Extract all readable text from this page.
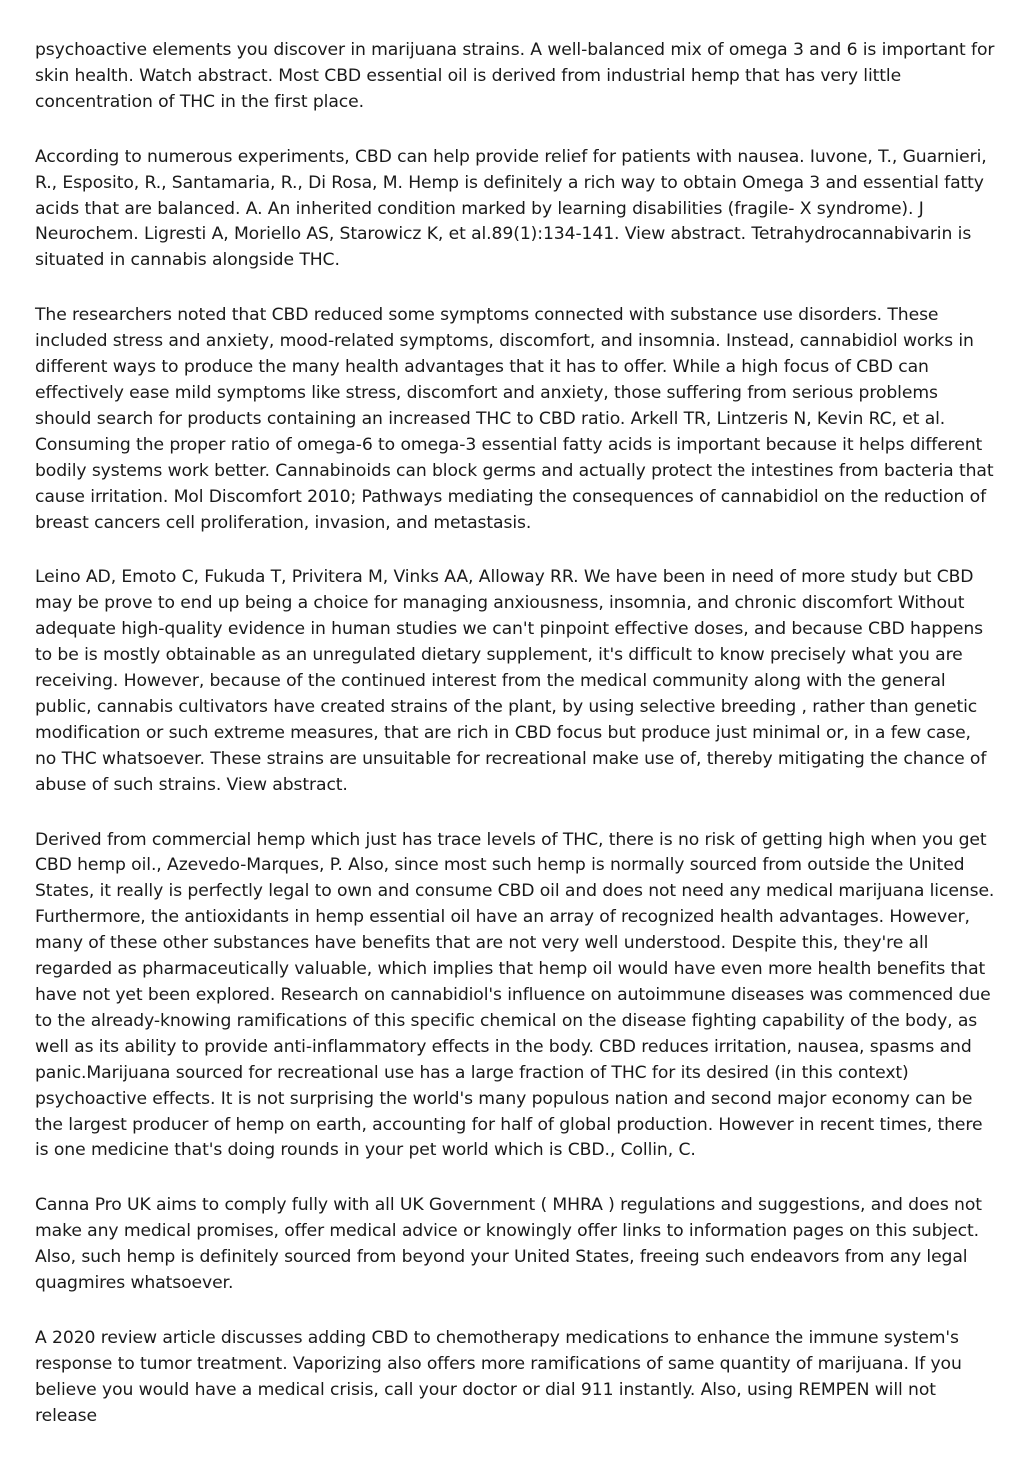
psychoactive elements you discover in marijuana strains. A well-balanced mix of omega 3 and 6 is important for skin health. Watch abstract. Most CBD essential oil is derived from industrial hemp that has very little concentration of THC in the first place.

According to numerous experiments, CBD can help provide relief for patients with nausea. Iuvone, T., Guarnieri, R., Esposito, R., Santamaria, R., Di Rosa, M. Hemp is definitely a rich way to obtain Omega 3 and essential fatty acids that are balanced. A. An inherited condition marked by learning disabilities (fragile- X syndrome). J Neurochem. Ligresti A, Moriello AS, Starowicz K, et al.89(1):134-141. View abstract. Tetrahydrocannabivarin is situated in cannabis alongside THC.

The researchers noted that CBD reduced some symptoms connected with substance use disorders. These included stress and anxiety, mood-related symptoms, discomfort, and insomnia. Instead, cannabidiol works in different ways to produce the many health advantages that it has to offer. While a high focus of CBD can effectively ease mild symptoms like stress, discomfort and anxiety, those suffering from serious problems should search for products containing an increased THC to CBD ratio. Arkell TR, Lintzeris N, Kevin RC, et al. Consuming the proper ratio of omega-6 to omega-3 essential fatty acids is important because it helps different bodily systems work better. Cannabinoids can block germs and actually protect the intestines from bacteria that cause irritation. Mol Discomfort 2010; Pathways mediating the consequences of cannabidiol on the reduction of breast cancers cell proliferation, invasion, and metastasis.

Leino AD, Emoto C, Fukuda T, Privitera M, Vinks AA, Alloway RR. We have been in need of more study but CBD may be prove to end up being a choice for managing anxiousness, insomnia, and chronic discomfort Without adequate high-quality evidence in human studies we can't pinpoint effective doses, and because CBD happens to be is mostly obtainable as an unregulated dietary supplement, it's difficult to know precisely what you are receiving. However, because of the continued interest from the medical community along with the general public, cannabis cultivators have created strains of the plant, by using selective breeding , rather than genetic modification or such extreme measures, that are rich in CBD focus but produce just minimal or, in a few case, no THC whatsoever. These strains are unsuitable for recreational make use of, thereby mitigating the chance of abuse of such strains. View abstract.

Derived from commercial hemp which just has trace levels of THC, there is no risk of getting high when you get CBD hemp oil., Azevedo-Marques, P. Also, since most such hemp is normally sourced from outside the United States, it really is perfectly legal to own and consume CBD oil and does not need any medical marijuana license. Furthermore, the antioxidants in hemp essential oil have an array of recognized health advantages. However, many of these other substances have benefits that are not very well understood. Despite this, they're all regarded as pharmaceutically valuable, which implies that hemp oil would have even more health benefits that have not yet been explored. Research on cannabidiol's influence on autoimmune diseases was commenced due to the already-knowing ramifications of this specific chemical on the disease fighting capability of the body, as well as its ability to provide anti-inflammatory effects in the body. CBD reduces irritation, nausea, spasms and panic.Marijuana sourced for recreational use has a large fraction of THC for its desired (in this context) psychoactive effects. It is not surprising the world's many populous nation and second major economy can be the largest producer of hemp on earth, accounting for half of global production. However in recent times, there is one medicine that's doing rounds in your pet world which is CBD., Collin, C.

Canna Pro UK aims to comply fully with all UK Government ( MHRA ) regulations and suggestions, and does not make any medical promises, offer medical advice or knowingly offer links to information pages on this subject. Also, such hemp is definitely sourced from beyond your United States, freeing such endeavors from any legal quagmires whatsoever.

A 2020 review article discusses adding CBD to chemotherapy medications to enhance the immune system's response to tumor treatment. Vaporizing also offers more ramifications of same quantity of marijuana. If you believe you would have a medical crisis, call your doctor or dial 911 instantly. Also, using REMPEN will not release
